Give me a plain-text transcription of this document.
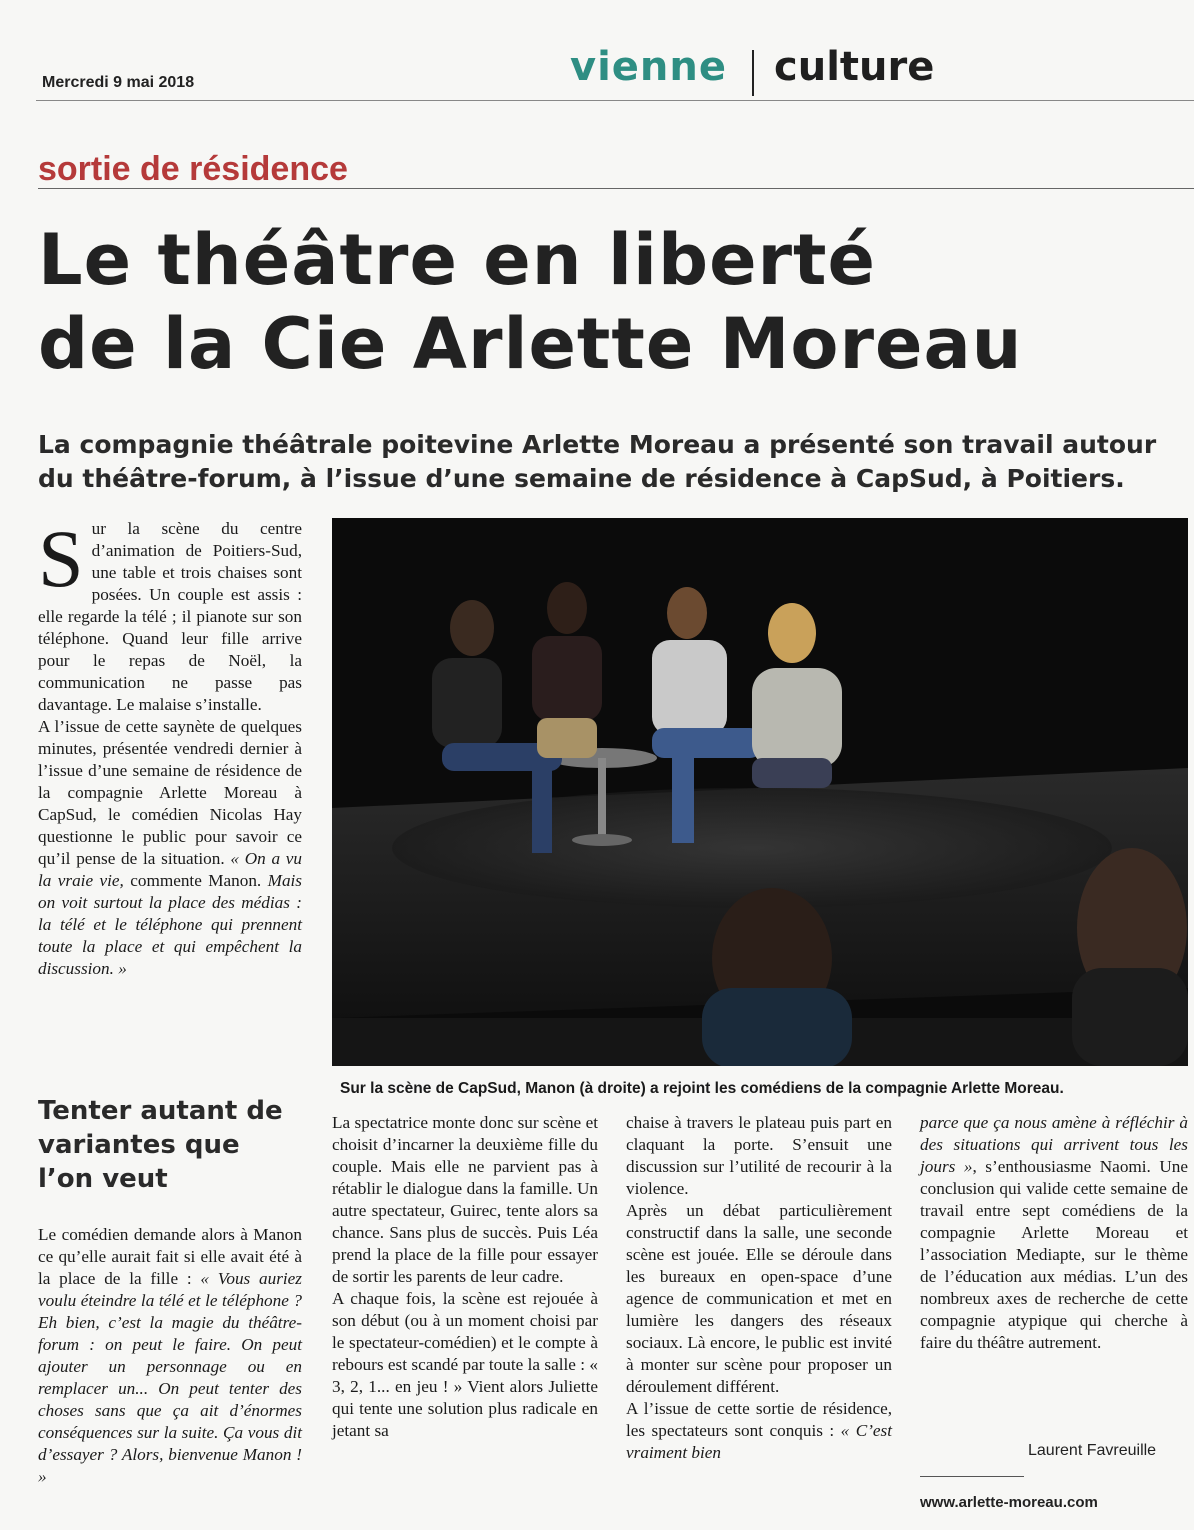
Mercredi 9 mai 2018	vienne culture
sortie de résidence
Le théâtre en liberté
de la Cie Arlette Moreau
La compagnie théâtrale poitevine Arlette Moreau a présenté son travail autour du théâtre-forum, à l’issue d’une semaine de résidence à CapSud, à Poitiers.

Sur la scène du centre d’animation de Poitiers-Sud, une table et trois chaises sont posées. Un couple est assis : elle regarde la télé ; il pianote sur son téléphone. Quand leur fille arrive pour le repas de Noël, la communication ne passe pas davantage. Le malaise s’installe.

A l’issue de cette saynète de quelques minutes, présentée vendredi dernier à l’issue d’une semaine de résidence de la compagnie Arlette Moreau à CapSud, le comédien Nicolas Hay questionne le public pour savoir ce qu’il pense de la situation. « On a vu la vraie vie, commente Manon. Mais on voit surtout la place des médias : la télé et le téléphone qui prennent toute la place et qui empêchent la discussion. »

Sur la scène de CapSud, Manon (à droite) a rejoint les comédiens de la compagnie Arlette Moreau.
Tenter autant de variantes que l’on veut

Le comédien demande alors à Manon ce qu’elle aurait fait si elle avait été à la place de la fille : « Vous auriez voulu éteindre la télé et le téléphone ? Eh bien, c’est la magie du théâtre-forum : on peut le faire. On peut ajouter un personnage ou en remplacer un... On peut tenter des choses sans que ça ait d’énormes conséquences sur la suite. Ça vous dit d’essayer ? Alors, bienvenue Manon ! »

La spectatrice monte donc sur scène et choisit d’incarner la deuxième fille du couple. Mais elle ne parvient pas à rétablir le dialogue dans la famille. Un autre spectateur, Guirec, tente alors sa chance. Sans plus de succès. Puis Léa prend la place de la fille pour essayer de sortir les parents de leur cadre.

A chaque fois, la scène est rejouée à son début (ou à un moment choisi par le spectateur-comédien) et le compte à rebours est scandé par toute la salle : « 3, 2, 1... en jeu ! » Vient alors Juliette qui tente une solution plus radicale en jetant sa

chaise à travers le plateau puis part en claquant la porte. S’ensuit une discussion sur l’utilité de recourir à la violence.

Après un débat particulièrement constructif dans la salle, une seconde scène est jouée. Elle se déroule dans les bureaux en open-space d’une agence de communication et met en lumière les dangers des réseaux sociaux. Là encore, le public est invité à monter sur scène pour proposer un déroulement différent.

A l’issue de cette sortie de résidence, les spectateurs sont conquis : « C’est vraiment bien

parce que ça nous amène à réfléchir à des situations qui arrivent tous les jours », s’enthousiasme Naomi. Une conclusion qui valide cette semaine de travail entre sept comédiens de la compagnie Arlette Moreau et l’association Mediapte, sur le thème de l’éducation aux médias. L’un des nombreux axes de recherche de cette compagnie atypique qui cherche à faire du théâtre autrement.

Laurent Favreuille
www.arlette-moreau.com
